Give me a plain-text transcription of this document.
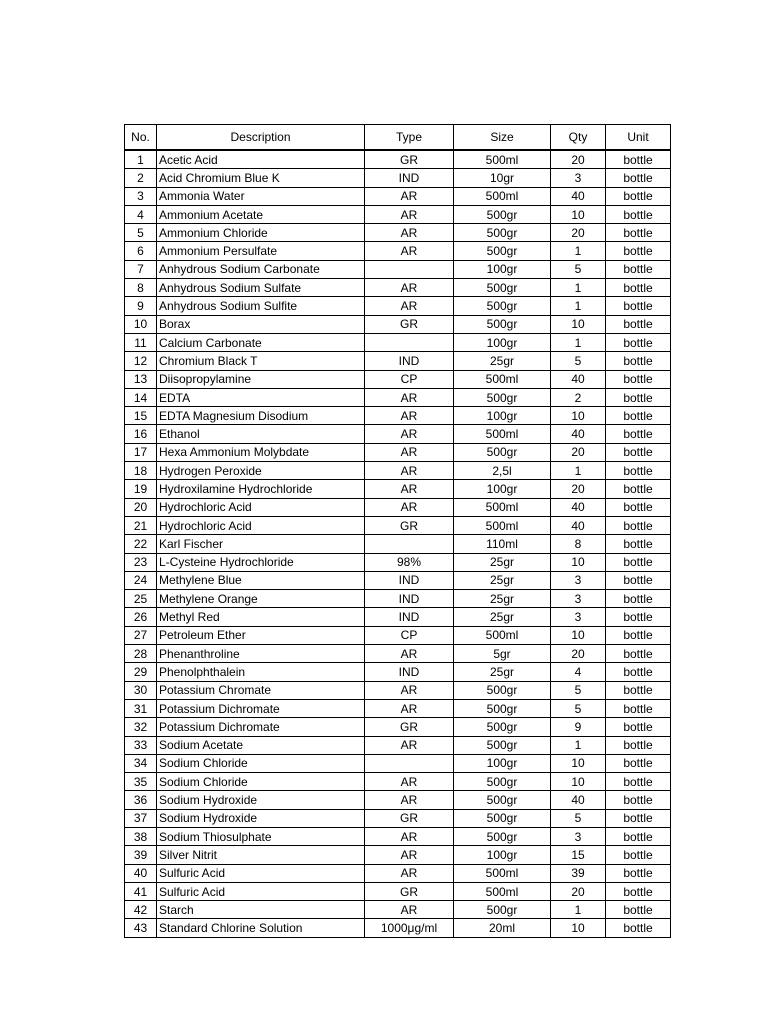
No.	Description	Type	Size	Qty	Unit
1	Acetic Acid	GR	500ml	20	bottle
2	Acid Chromium Blue K	IND	10gr	3	bottle
3	Ammonia Water	AR	500ml	40	bottle
4	Ammonium Acetate	AR	500gr	10	bottle
5	Ammonium Chloride	AR	500gr	20	bottle
6	Ammonium Persulfate	AR	500gr	1	bottle
7	Anhydrous Sodium Carbonate		100gr	5	bottle
8	Anhydrous Sodium Sulfate	AR	500gr	1	bottle
9	Anhydrous Sodium Sulfite	AR	500gr	1	bottle
10	Borax	GR	500gr	10	bottle
11	Calcium Carbonate		100gr	1	bottle
12	Chromium Black T	IND	25gr	5	bottle
13	Diisopropylamine	CP	500ml	40	bottle
14	EDTA	AR	500gr	2	bottle
15	EDTA Magnesium Disodium	AR	100gr	10	bottle
16	Ethanol	AR	500ml	40	bottle
17	Hexa Ammonium Molybdate	AR	500gr	20	bottle
18	Hydrogen Peroxide	AR	2,5l	1	bottle
19	Hydroxilamine Hydrochloride	AR	100gr	20	bottle
20	Hydrochloric Acid	AR	500ml	40	bottle
21	Hydrochloric Acid	GR	500ml	40	bottle
22	Karl Fischer		110ml	8	bottle
23	L-Cysteine Hydrochloride	98%	25gr	10	bottle
24	Methylene Blue	IND	25gr	3	bottle
25	Methylene Orange	IND	25gr	3	bottle
26	Methyl Red	IND	25gr	3	bottle
27	Petroleum Ether	CP	500ml	10	bottle
28	Phenanthroline	AR	5gr	20	bottle
29	Phenolphthalein	IND	25gr	4	bottle
30	Potassium Chromate	AR	500gr	5	bottle
31	Potassium Dichromate	AR	500gr	5	bottle
32	Potassium Dichromate	GR	500gr	9	bottle
33	Sodium Acetate	AR	500gr	1	bottle
34	Sodium Chloride		100gr	10	bottle
35	Sodium Chloride	AR	500gr	10	bottle
36	Sodium Hydroxide	AR	500gr	40	bottle
37	Sodium Hydroxide	GR	500gr	5	bottle
38	Sodium Thiosulphate	AR	500gr	3	bottle
39	Silver Nitrit	AR	100gr	15	bottle
40	Sulfuric Acid	AR	500ml	39	bottle
41	Sulfuric Acid	GR	500ml	20	bottle
42	Starch	AR	500gr	1	bottle
43	Standard Chlorine Solution	1000μg/ml	20ml	10	bottle
